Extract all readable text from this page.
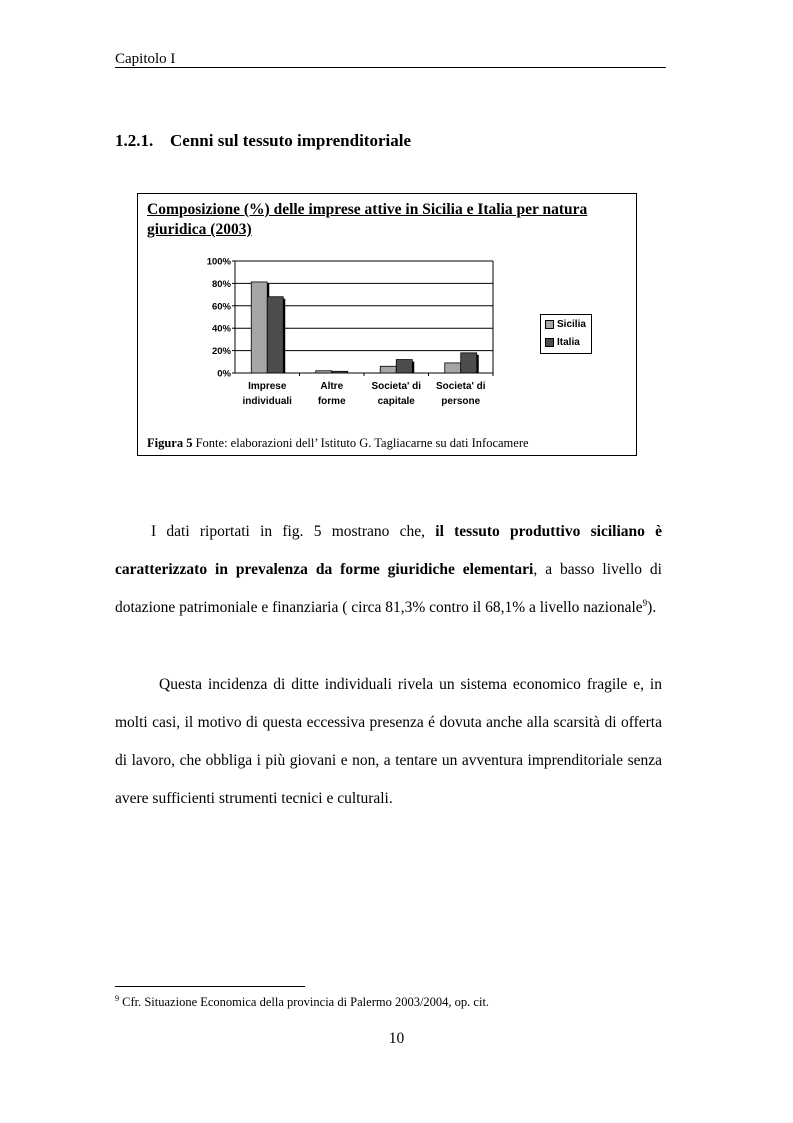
Capitolo I
1.2.1. Cenni sul tessuto imprenditoriale
Composizione (%) delle imprese attive in Sicilia e Italia per natura giuridica (2003)
0%
20%
40%
60%
80%
100%
Imprese
individuali
Altre
forme
Societa' di
capitale
Societa' di
persone
Sicilia
Italia
Figura 5 Fonte: elaborazioni dell’ Istituto G. Tagliacarne su dati Infocamere
I dati riportati in fig. 5 mostrano che, il tessuto produttivo siciliano è caratterizzato in prevalenza da forme giuridiche elementari, a basso livello di dotazione patrimoniale e finanziaria ( circa 81,3% contro il 68,1% a livello nazionale$^9$).
Questa incidenza di ditte individuali rivela un sistema economico fragile e, in molti casi, il motivo di questa eccessiva presenza é dovuta anche alla scarsità di offerta di lavoro, che obbliga i più giovani e non, a tentare un avventura imprenditoriale senza avere sufficienti strumenti tecnici e culturali.
$^9$ Cfr. Situazione Economica della provincia di Palermo 2003/2004, op. cit.
10
